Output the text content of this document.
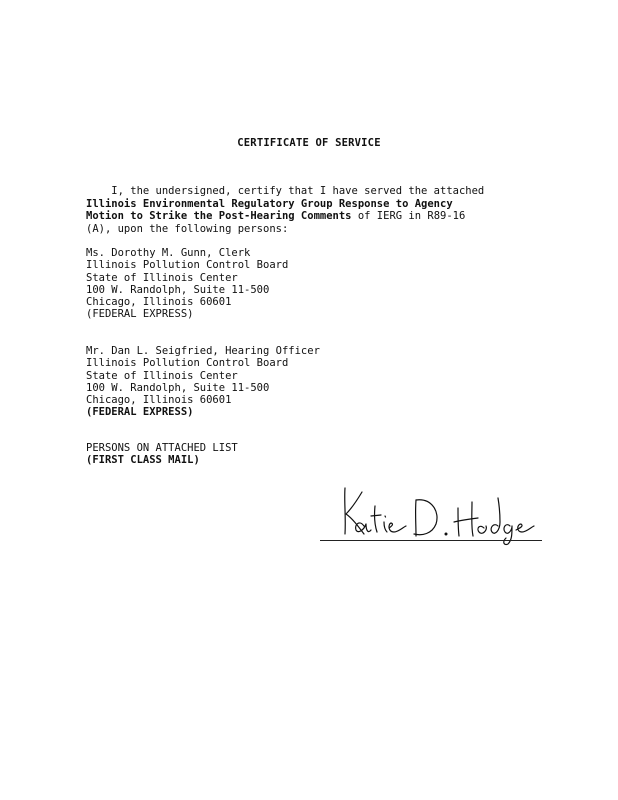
CERTIFICATE OF SERVICE
I, the undersigned, certify that I have served the attached
Illinois Environmental Regulatory Group Response to Agency
Motion to Strike the Post-Hearing Comments of IERG in R89-16
(A), upon the following persons:
Ms. Dorothy M. Gunn, Clerk
Illinois Pollution Control Board
State of Illinois Center
100 W. Randolph, Suite 11-500
Chicago, Illinois 60601
(FEDERAL EXPRESS)
Mr. Dan L. Seigfried, Hearing Officer
Illinois Pollution Control Board
State of Illinois Center
100 W. Randolph, Suite 11-500
Chicago, Illinois 60601
(FEDERAL EXPRESS)
PERSONS ON ATTACHED LIST
(FIRST CLASS MAIL)
